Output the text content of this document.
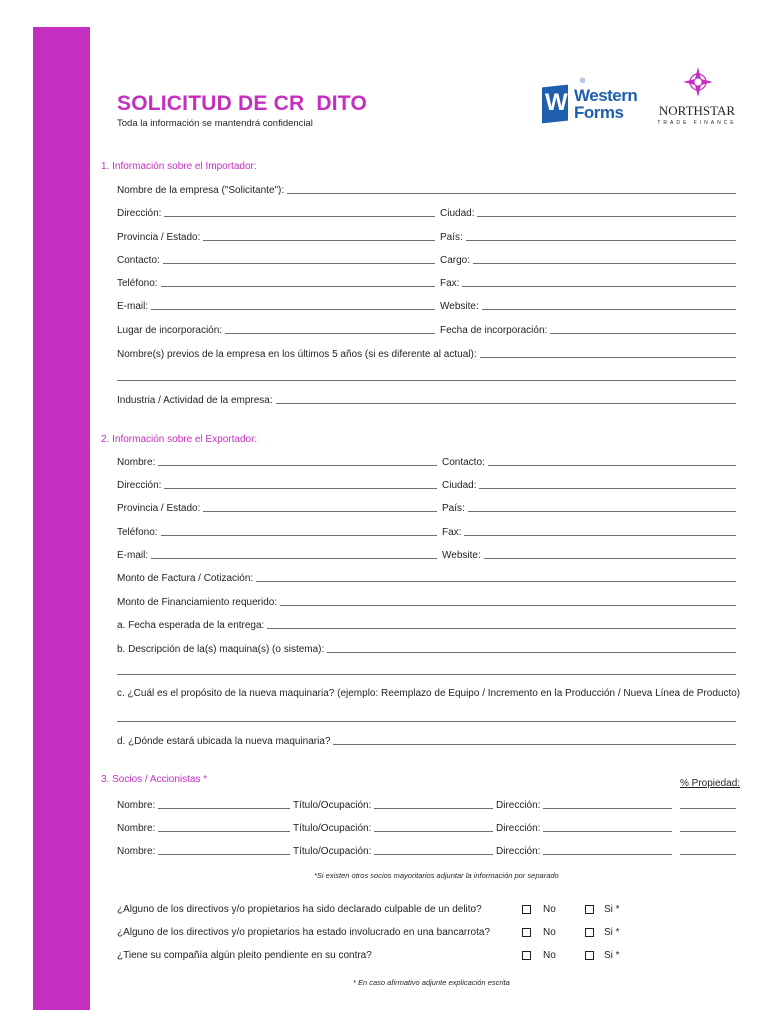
SOLICITUD DE CR  DITO
Toda la información se mantendrá confidencial
W
®
Western
Forms	NORTHSTAR
TRADE FINANCE
1. Información sobre el Importador:
Nombre de la empresa ("Solicitante"):
Dirección:	Ciudad:
Provincia / Estado:	País:
Contacto:	Cargo:
Teléfono:	Fax:
E-mail:	Website:
Lugar de incorporación:	Fecha de incorporación:
Nombre(s) previos de la empresa en los últimos 5 años (si es diferente al actual):
Industria / Actividad de la empresa:
2. Información sobre el Exportador:
Nombre:	Contacto:
Dirección:	Ciudad:
Provincia / Estado:	País:
Teléfono:	Fax:
E-mail:	Website:
Monto de Factura / Cotización:
Monto de Financiamiento requerido:
a. Fecha esperada de la entrega:
b. Descripción de la(s) maquina(s) (o sistema):
c. ¿Cuál es el propósito de la nueva maquinaria? (ejemplo: Reemplazo de Equipo / Incremento en la Producción / Nueva Línea de Producto)
d. ¿Dónde estará ubicada la nueva maquinaria?
3. Socios / Accionistas *	% Propiedad:
Nombre:	Título/Ocupación:	Dirección:
Nombre:	Título/Ocupación:	Dirección:
Nombre:	Título/Ocupación:	Dirección:
*Si existen otros socios mayoritarios adjuntar la información por separado
¿Alguno de los directivos y/o propietarios ha sido declarado culpable de un delito?	No	Si *
¿Alguno de los directivos y/o propietarios ha estado involucrado en una bancarrota?	No	Si *
¿Tiene su compañía algún pleito pendiente en su contra?	No	Si *
* En caso afirmativo adjunte explicación escrita
